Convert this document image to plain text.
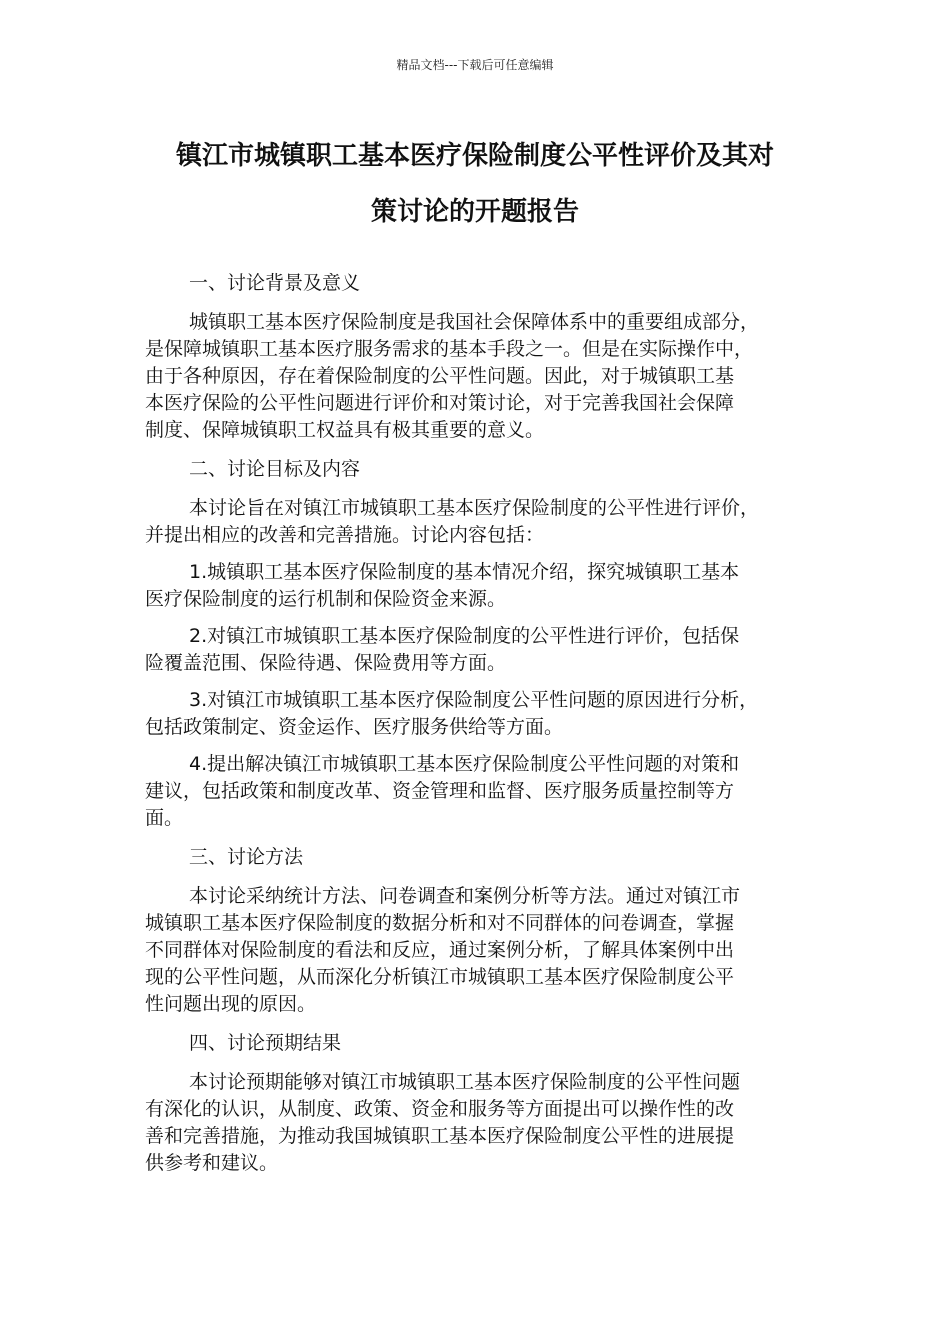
精品文档---下载后可任意编辑
镇江市城镇职工基本医疗保险制度公平性评价及其对
策讨论的开题报告
一、讨论背景及意义

城镇职工基本医疗保险制度是我国社会保障体系中的重要组成部分，
是保障城镇职工基本医疗服务需求的基本手段之一。但是在实际操作中，
由于各种原因，存在着保险制度的公平性问题。因此，对于城镇职工基
本医疗保险的公平性问题进行评价和对策讨论，对于完善我国社会保障
制度、保障城镇职工权益具有极其重要的意义。

二、讨论目标及内容

本讨论旨在对镇江市城镇职工基本医疗保险制度的公平性进行评价，
并提出相应的改善和完善措施。讨论内容包括：

1.城镇职工基本医疗保险制度的基本情况介绍，探究城镇职工基本
医疗保险制度的运行机制和保险资金来源。

2.对镇江市城镇职工基本医疗保险制度的公平性进行评价，包括保
险覆盖范围、保险待遇、保险费用等方面。

3.对镇江市城镇职工基本医疗保险制度公平性问题的原因进行分析，
包括政策制定、资金运作、医疗服务供给等方面。

4.提出解决镇江市城镇职工基本医疗保险制度公平性问题的对策和
建议，包括政策和制度改革、资金管理和监督、医疗服务质量控制等方
面。

三、讨论方法

本讨论采纳统计方法、问卷调查和案例分析等方法。通过对镇江市
城镇职工基本医疗保险制度的数据分析和对不同群体的问卷调查，掌握
不同群体对保险制度的看法和反应，通过案例分析，了解具体案例中出
现的公平性问题，从而深化分析镇江市城镇职工基本医疗保险制度公平
性问题出现的原因。

四、讨论预期结果

本讨论预期能够对镇江市城镇职工基本医疗保险制度的公平性问题
有深化的认识，从制度、政策、资金和服务等方面提出可以操作性的改
善和完善措施，为推动我国城镇职工基本医疗保险制度公平性的进展提
供参考和建议。
